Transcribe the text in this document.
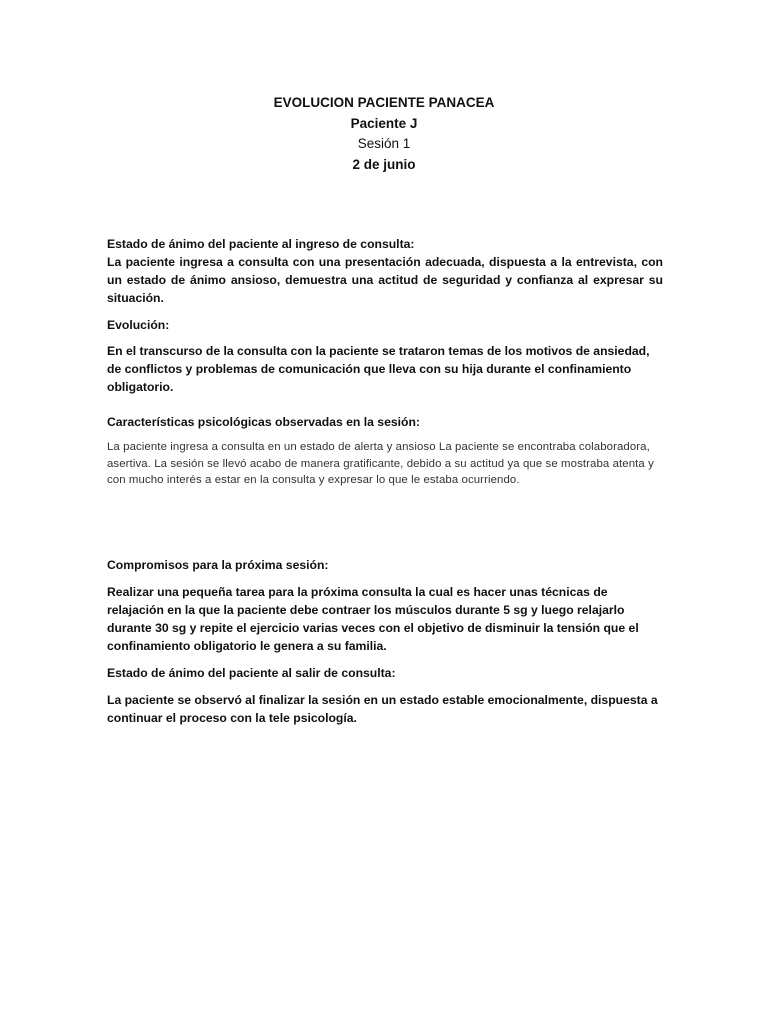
EVOLUCION PACIENTE PANACEA
Paciente J
Sesión 1
2 de junio
Estado de ánimo del paciente al ingreso de consulta:
La paciente ingresa a consulta con una presentación adecuada, dispuesta a la entrevista, con un estado de ánimo ansioso, demuestra una actitud de seguridad y confianza al expresar su situación.
Evolución:
En el transcurso de la consulta con la paciente se trataron temas de los motivos de ansiedad, de conflictos y problemas de comunicación que lleva con su hija durante el confinamiento obligatorio.
Características psicológicas observadas en la sesión:
La paciente ingresa a consulta en un estado de alerta y ansioso La paciente se encontraba colaboradora, asertiva. La sesión se llevó acabo de manera gratificante, debido a su actitud ya que se mostraba atenta y con mucho interés a estar en la consulta y expresar lo que le estaba ocurriendo.
Compromisos para la próxima sesión:
Realizar una pequeña tarea para la próxima consulta la cual es hacer unas técnicas de relajación en la que la paciente debe contraer los músculos durante 5 sg y luego relajarlo durante 30 sg y repite el ejercicio varias veces con el objetivo de disminuir la tensión que el confinamiento obligatorio le genera a su familia.
Estado de ánimo del paciente al salir de consulta:
La paciente se observó al finalizar la sesión en un estado estable emocionalmente, dispuesta a continuar el proceso con la tele psicología.
